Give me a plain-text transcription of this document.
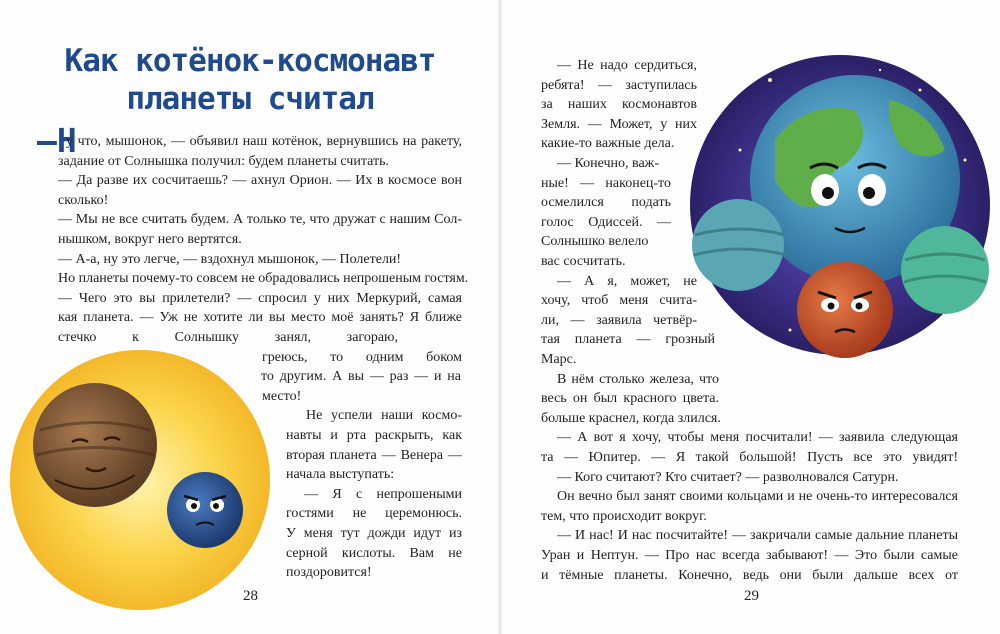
Как котёнок-космонавт
планеты считал
—Н
у что, мышонок, — объявил наш котёнок, вернувшись на ракету,
задание от Солнышка получил: будем планеты считать.
— Да разве их сосчитаешь? — ахнул Орион. — Их в космосе вон
сколько!
— Мы не все считать будем. А только те, что дружат с нашим Сол-
нышком, вокруг него вертятся.
— А-а, ну это легче, — вздохнул мышонок, — Полетели!
Но планеты почему-то совсем не обрадовались непрошеным гостям.
— Чего это вы прилетели? — спросил у них Меркурий, самая
кая планета. — Уж не хотите ли вы место моё занять? Я ближе
стечко к Солнышку занял, загораю,
греюсь, то одним боком
то другим. А вы — раз — и на
место!
Не успели наши космо-
навты и рта раскрыть, как
вторая планета — Венера —
начала выступать:
— Я с непрошеными
гостями не церемонюсь.
У меня тут дожди идут из
серной кислоты. Вам не
поздоровится!
28
— Не надо сердиться,
ребята! — заступилась
за наших космонавтов
Земля. — Может, у них
какие-то важные дела.
— Конечно, важ-
ные! — наконец-то
осмелился подать
голос Одиссей. —
Солнышко велело
вас сосчитать.
— А я, может, не
хочу, чтоб меня счита-
ли, — заявила четвёр-
тая планета — грозный
Марс.
В нём столько железа, что
весь он был красного цвета.
больше краснел, когда злился.
— А вот я хочу, чтобы меня посчитали! — заявила следующая
та — Юпитер. — Я такой большой! Пусть все это увидят!
— Кого считают? Кто считает? — разволновался Сатурн.
Он вечно был занят своими кольцами и не очень-то интересовался
тем, что происходит вокруг.
— И нас! И нас посчитайте! — закричали самые дальние планеты
Уран и Нептун. — Про нас всегда забывают! — Это были самые
и тёмные планеты. Конечно, ведь они были дальше всех от
29
